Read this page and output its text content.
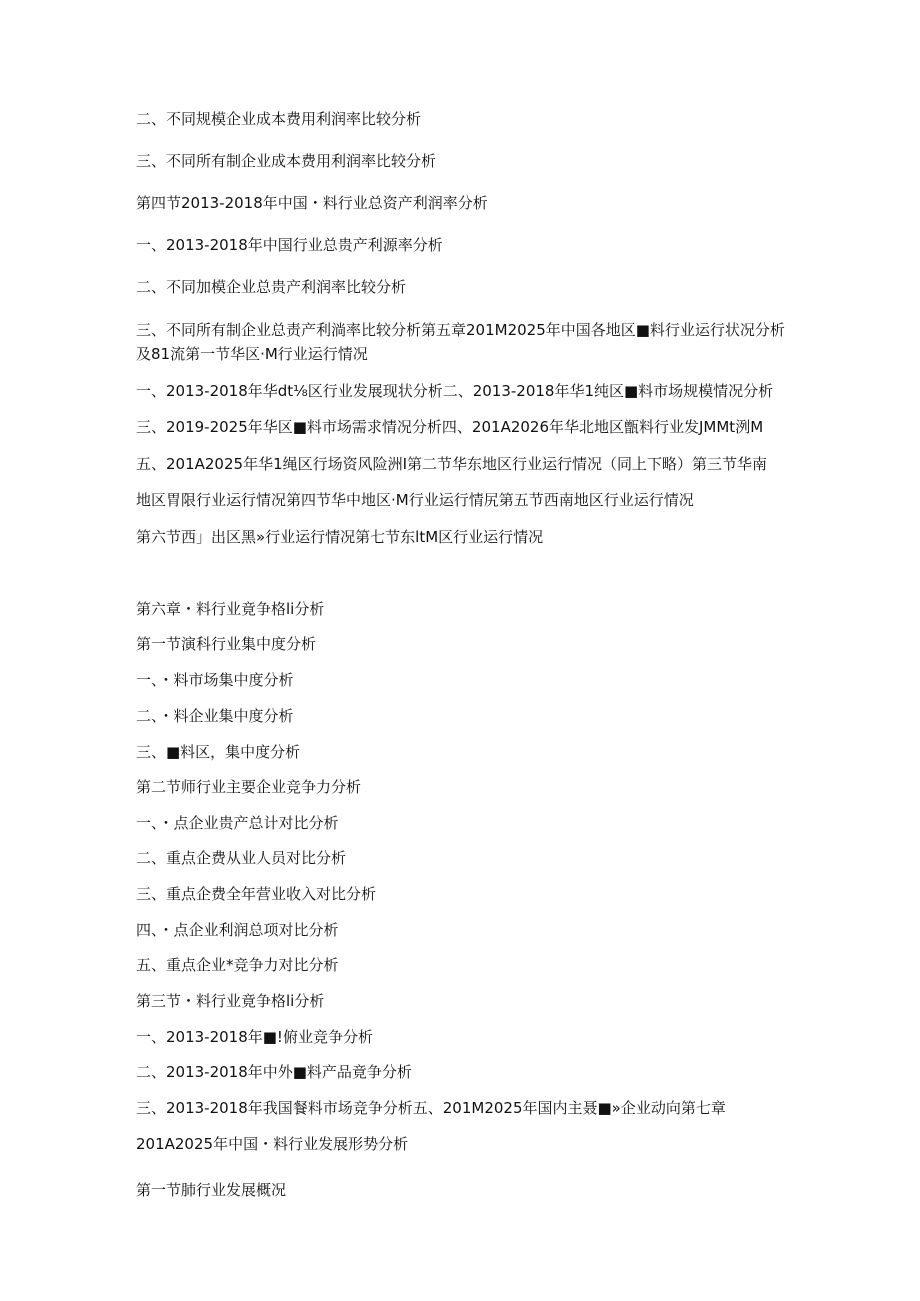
二、不同规模企业成本费用利润率比较分析
三、不同所有制企业成本费用利润率比较分析
第四节2013-2018年中国・料行业总资产利润率分析
一、2013-2018年中国行业总贵产利源率分析
二、不同加模企业总贵产利润率比较分析
三、不同所有制企业总责产利淌率比较分析第五章201M2025年中国各地区■料行业运行状况分析及81流第一节华区·M行业运行情况
一、2013-2018年华dt⅛区行业发展现状分析二、2013-2018年华1纯区■料市场规模情况分析
三、2019-2025年华区■料市场需求情况分析四、201A2026年华北地区甑料行业发JMMt洌M
五、201A2025年华1绳区行场资风险洲I第二节华东地区行业运行情况（同上下略）第三节华南
地区胃限行业运行情况第四节华中地区·M行业运行情尻第五节西南地区行业运行情况
第六节西」出区黑»行业运行情况第七节东ltM区行业运行情况
第六章・料行业竟争格li分析
第一节演科行业集中度分析
一、・料市场集中度分析
二、・料企业集中度分析
三、■料区，集中度分析
第二节师行业主要企业竞争力分析
一、・点企业贵产总计对比分析
二、重点企费从业人员对比分析
三、重点企费全年营业收入对比分析
四、・点企业利润总项对比分析
五、重点企业*竞争力对比分析
第三节・料行业竟争格li分析
一、2013-2018年■!俯业竞争分析
二、2013-2018年中外■料产品竟争分析
三、2013-2018年我国餐料市场竞争分析五、201M2025年国内主聂■»企业动向第七章
201A2025年中国・料行业发展形势分析
第一节肺行业发展概况
